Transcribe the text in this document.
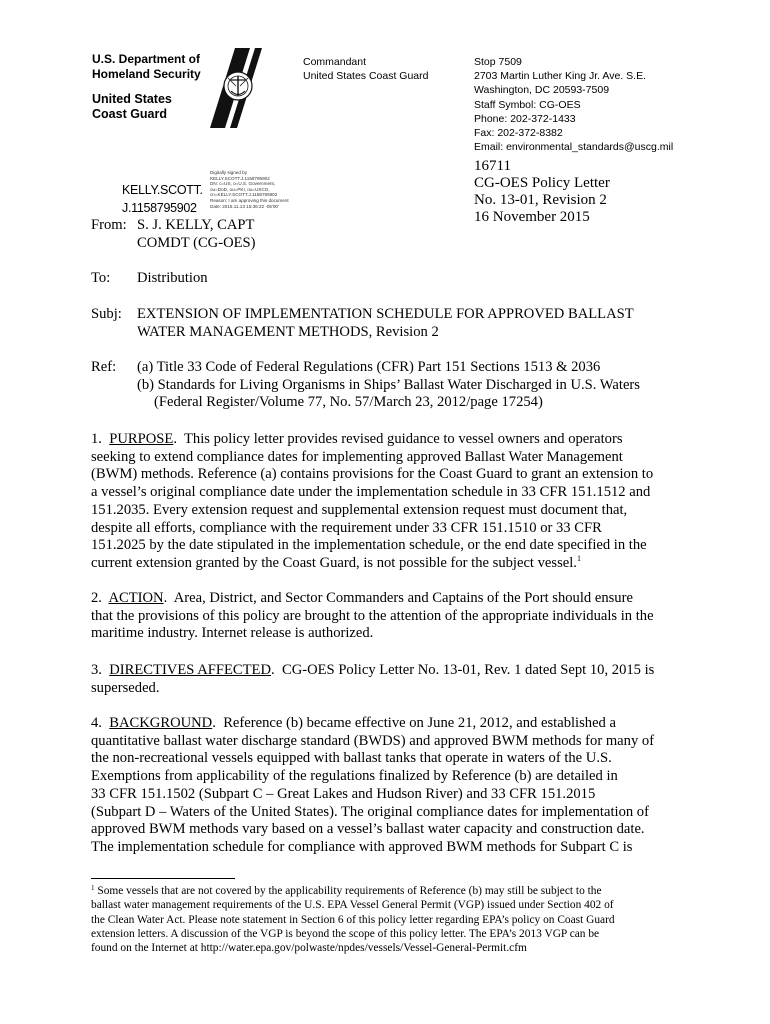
U.S. Department of
Homeland Security
United States
Coast Guard
Commandant
United States Coast Guard
Stop 7509
2703 Martin Luther King Jr. Ave. S.E.
Washington, DC 20593-7509
Staff Symbol: CG-OES
Phone: 202-372-1433
Fax: 202-372-8382
Email: environmental_standards@uscg.mil
KELLY.SCOTT.
J.1158795902
Digitally signed by
KELLY.SCOTT.J.1158795902
DN: c=US, o=U.S. Government,
ou=DoD, ou=PKI, ou=USCG,
cn=KELLY.SCOTT.J.1158795902
Reason: I am approving this document
Date: 2015.11.13 15:36:22 -05'00'
16711
CG-OES Policy Letter
No. 13-01, Revision 2
16 November 2015
From: S. J. KELLY, CAPT
COMDT (CG-OES)
To: Distribution
Subj: EXTENSION OF IMPLEMENTATION SCHEDULE FOR APPROVED BALLAST
WATER MANAGEMENT METHODS, Revision 2
Ref: (a) Title 33 Code of Federal Regulations (CFR) Part 151 Sections 1513 & 2036
(b) Standards for Living Organisms in Ships’ Ballast Water Discharged in U.S. Waters
(Federal Register/Volume 77, No. 57/March 23, 2012/page 17254)
1. PURPOSE.  This policy letter provides revised guidance to vessel owners and operators
seeking to extend compliance dates for implementing approved Ballast Water Management
(BWM) methods. Reference (a) contains provisions for the Coast Guard to grant an extension to
a vessel’s original compliance date under the implementation schedule in 33 CFR 151.1512 and
151.2035. Every extension request and supplemental extension request must document that,
despite all efforts, compliance with the requirement under 33 CFR 151.1510 or 33 CFR
151.2025 by the date stipulated in the implementation schedule, or the end date specified in the
current extension granted by the Coast Guard, is not possible for the subject vessel.$^1$
2. ACTION.  Area, District, and Sector Commanders and Captains of the Port should ensure
that the provisions of this policy are brought to the attention of the appropriate individuals in the
maritime industry. Internet release is authorized.
3. DIRECTIVES AFFECTED.  CG-OES Policy Letter No. 13-01, Rev. 1 dated Sept 10, 2015 is
superseded.
4. BACKGROUND.  Reference (b) became effective on June 21, 2012, and established a
quantitative ballast water discharge standard (BWDS) and approved BWM methods for many of
the non-recreational vessels equipped with ballast tanks that operate in waters of the U.S.
Exemptions from applicability of the regulations finalized by Reference (b) are detailed in
33 CFR 151.1502 (Subpart C – Great Lakes and Hudson River) and 33 CFR 151.2015
(Subpart D – Waters of the United States). The original compliance dates for implementation of
approved BWM methods vary based on a vessel’s ballast water capacity and construction date.
The implementation schedule for compliance with approved BWM methods for Subpart C is
$^1$ Some vessels that are not covered by the applicability requirements of Reference (b) may still be subject to the
ballast water management requirements of the U.S. EPA Vessel General Permit (VGP) issued under Section 402 of
the Clean Water Act. Please note statement in Section 6 of this policy letter regarding EPA’s policy on Coast Guard
extension letters. A discussion of the VGP is beyond the scope of this policy letter. The EPA’s 2013 VGP can be
found on the Internet at http://water.epa.gov/polwaste/npdes/vessels/Vessel-General-Permit.cfm
